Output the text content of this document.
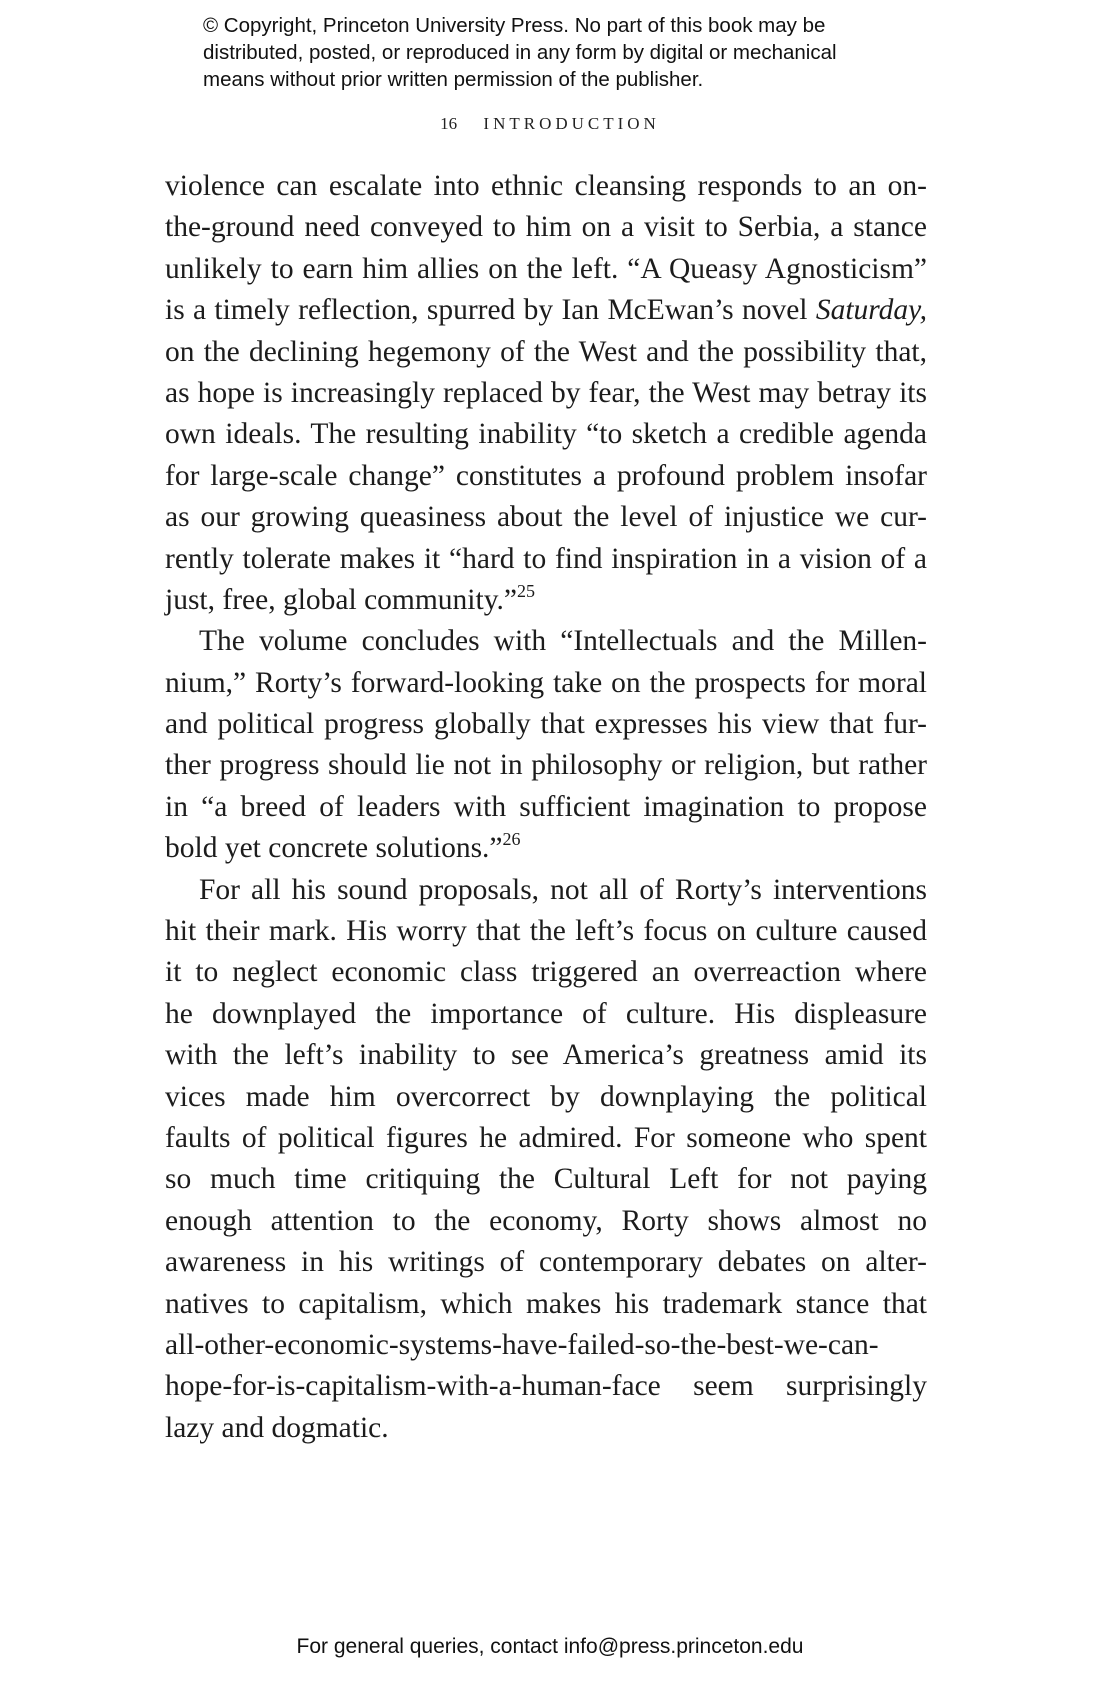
© Copyright, Princeton University Press. No part of this book may be
distributed, posted, or reproduced in any form by digital or mechanical
means without prior written permission of the publisher.
16 INTRODUCTION
violence can escalate into ethnic cleansing responds to an on-
the-ground need conveyed to him on a visit to Serbia, a stance
unlikely to earn him allies on the left. “A Queasy Agnosticism”
is a timely reflection, spurred by Ian McEwan’s novel Saturday,
on the declining hegemony of the West and the possibility that,
as hope is increasingly replaced by fear, the West may betray its
own ideals. The resulting inability “to sketch a credible agenda
for large-scale change” constitutes a profound problem insofar
as our growing queasiness about the level of injustice we cur-
rently tolerate makes it “hard to find inspiration in a vision of a
just, free, global community.”$^{25}$
The volume concludes with “Intellectuals and the Millen-
nium,” Rorty’s forward-looking take on the prospects for moral
and political progress globally that expresses his view that fur-
ther progress should lie not in philosophy or religion, but rather
in “a breed of leaders with sufficient imagination to propose
bold yet concrete solutions.”$^{26}$
For all his sound proposals, not all of Rorty’s interventions
hit their mark. His worry that the left’s focus on culture caused
it to neglect economic class triggered an overreaction where
he downplayed the importance of culture. His displeasure
with the left’s inability to see America’s greatness amid its
vices made him overcorrect by downplaying the political
faults of political figures he admired. For someone who spent
so much time critiquing the Cultural Left for not paying
enough attention to the economy, Rorty shows almost no
awareness in his writings of contemporary debates on alter-
natives to capitalism, which makes his trademark stance that
all-other-economic-systems-have-failed-so-the-best-we-can-
hope-for-is-capitalism-with-a-human-face seem surprisingly
lazy and dogmatic.
For general queries, contact info@press.princeton.edu
